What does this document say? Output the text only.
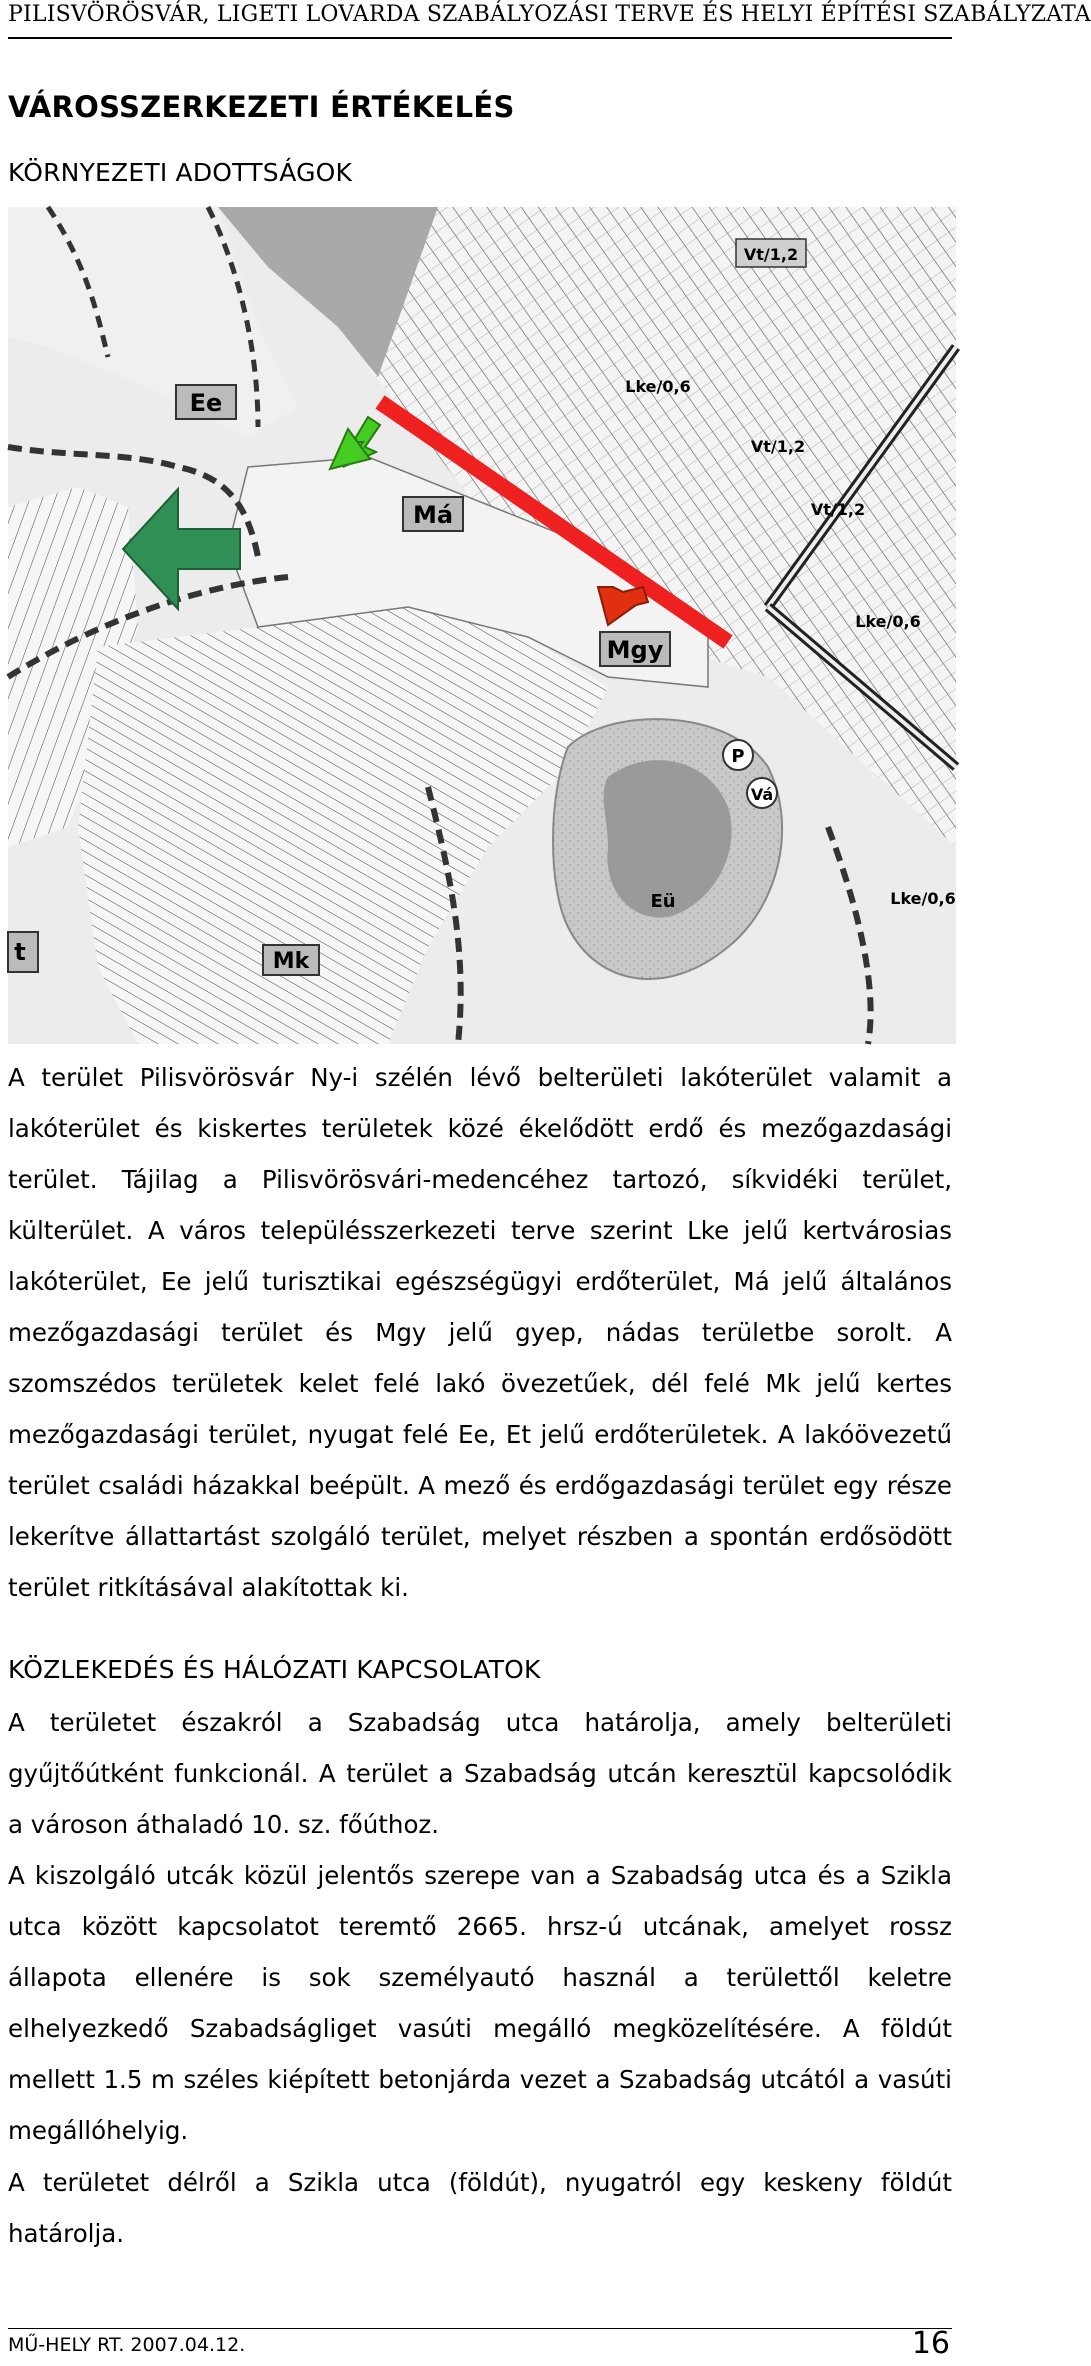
PILISVÖRÖSVÁR, LIGETI LOVARDA SZABÁLYOZÁSI TERVE ÉS HELYI ÉPÍTÉSI SZABÁLYZATA
VÁROSSZERKEZETI ÉRTÉKELÉS
KÖRNYEZETI ADOTTSÁGOK
Ee
Má
Mgy
Mk
Eü
Vt/1,2
Vt/1,2
Vt/1,2
Lke/0,6
Lke/0,6
Lke/0,6
P
Vá
t
A terület Pilisvörösvár Ny-i szélén lévő belterületi lakóterület valamit a lakóterület és kiskertes területek közé ékelődött erdő és mezőgazdasági terület. Tájilag a Pilisvörösvári-medencéhez tartozó, síkvidéki terület, külterület. A város településszerkezeti terve szerint Lke jelű kertvárosias lakóterület, Ee jelű turisztikai egészségügyi erdőterület, Má jelű általános mezőgazdasági terület és Mgy jelű gyep, nádas területbe sorolt. A szomszédos területek kelet felé lakó övezetűek, dél felé Mk jelű kertes mezőgazdasági terület, nyugat felé Ee, Et jelű erdőterületek. A lakóövezetű terület családi házakkal beépült. A mező és erdőgazdasági terület egy része lekerítve állattartást szolgáló terület, melyet részben a spontán erdősödött terület ritkításával alakítottak ki.
KÖZLEKEDÉS ÉS HÁLÓZATI KAPCSOLATOK
A területet északról a Szabadság utca határolja, amely belterületi gyűjtőútként funkcionál. A terület a Szabadság utcán keresztül kapcsolódik a városon áthaladó 10. sz. főúthoz.
A kiszolgáló utcák közül jelentős szerepe van a Szabadság utca és a Szikla utca között kapcsolatot teremtő 2665. hrsz-ú utcának, amelyet rossz állapota ellenére is sok személyautó használ a területtől keletre elhelyezkedő Szabadságliget vasúti megálló megközelítésére. A földút mellett 1.5 m széles kiépített betonjárda vezet a Szabadság utcától a vasúti megállóhelyig.
A területet délről a Szikla utca (földút), nyugatról egy keskeny földút határolja.
MŰ-HELY RT. 2007.04.12.	16
